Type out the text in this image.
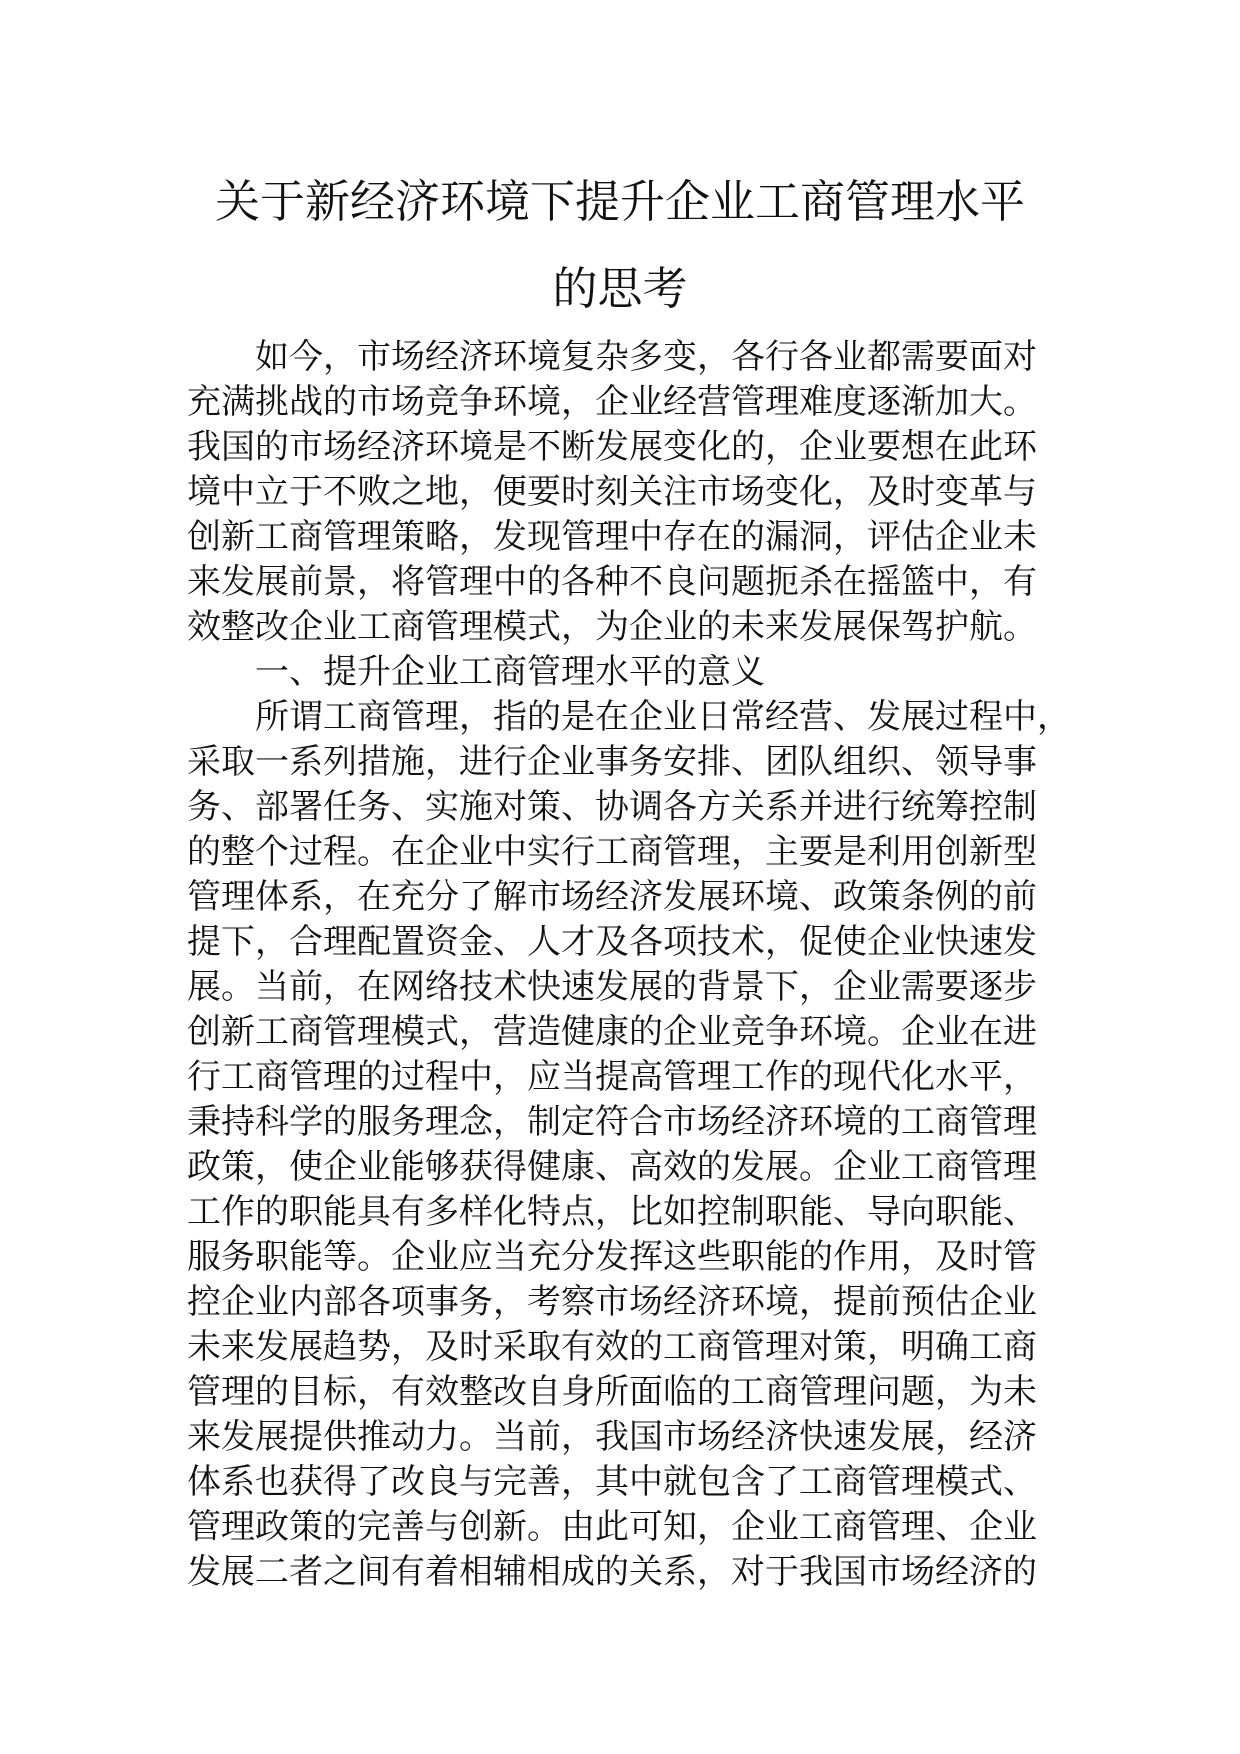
关于新经济环境下提升企业工商管理水平
的思考
如今，市场经济环境复杂多变，各行各业都需要面对
充满挑战的市场竞争环境，企业经营管理难度逐渐加大。
我国的市场经济环境是不断发展变化的，企业要想在此环
境中立于不败之地，便要时刻关注市场变化，及时变革与
创新工商管理策略，发现管理中存在的漏洞，评估企业未
来发展前景，将管理中的各种不良问题扼杀在摇篮中，有
效整改企业工商管理模式，为企业的未来发展保驾护航。
一、提升企业工商管理水平的意义
所谓工商管理，指的是在企业日常经营、发展过程中，
采取一系列措施，进行企业事务安排、团队组织、领导事
务、部署任务、实施对策、协调各方关系并进行统筹控制
的整个过程。在企业中实行工商管理，主要是利用创新型
管理体系，在充分了解市场经济发展环境、政策条例的前
提下，合理配置资金、人才及各项技术，促使企业快速发
展。当前，在网络技术快速发展的背景下，企业需要逐步
创新工商管理模式，营造健康的企业竞争环境。企业在进
行工商管理的过程中，应当提高管理工作的现代化水平，
秉持科学的服务理念，制定符合市场经济环境的工商管理
政策，使企业能够获得健康、高效的发展。企业工商管理
工作的职能具有多样化特点，比如控制职能、导向职能、
服务职能等。企业应当充分发挥这些职能的作用，及时管
控企业内部各项事务，考察市场经济环境，提前预估企业
未来发展趋势，及时采取有效的工商管理对策，明确工商
管理的目标，有效整改自身所面临的工商管理问题，为未
来发展提供推动力。当前，我国市场经济快速发展，经济
体系也获得了改良与完善，其中就包含了工商管理模式、
管理政策的完善与创新。由此可知，企业工商管理、企业
发展二者之间有着相辅相成的关系，对于我国市场经济的
